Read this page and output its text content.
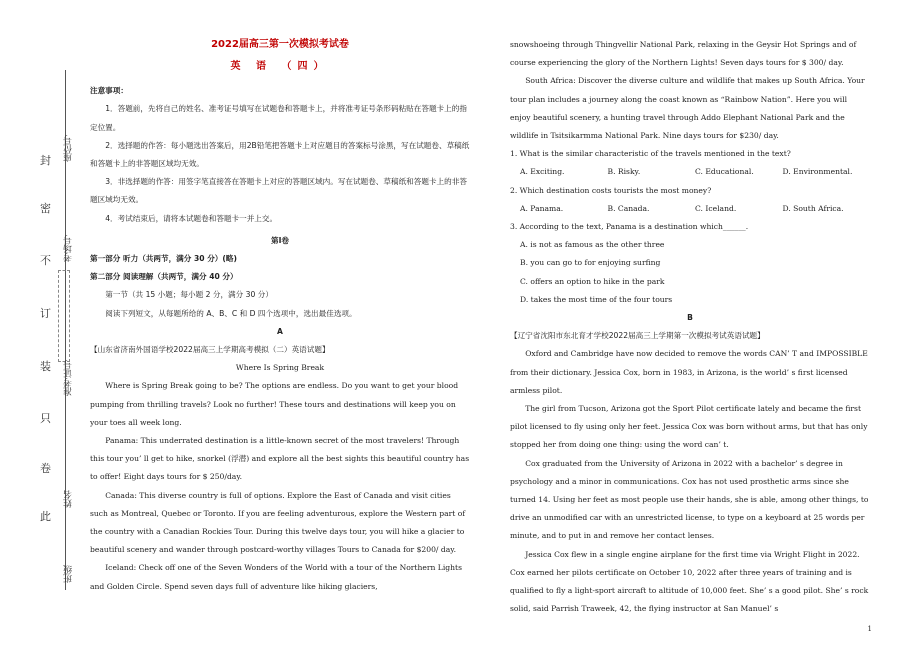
封
密
不
订
装
只
卷
此
座位号
考场号
准考证号
姓名
班级
2022届高三第一次模拟考试卷
英 语 （四）

注意事项：

1．答题前，先将自己的姓名、准考证号填写在试题卷和答题卡上，并将准考证号条形码粘贴在答题卡上的指定位置。

2．选择题的作答：每小题选出答案后，用2B铅笔把答题卡上对应题目的答案标号涂黑，写在试题卷、草稿纸和答题卡上的非答题区域均无效。

3．非选择题的作答：用签字笔直接答在答题卡上对应的答题区域内。写在试题卷、草稿纸和答题卡上的非答题区域均无效。

4．考试结束后，请将本试题卷和答题卡一并上交。

第Ⅰ卷

第一部分 听力（共两节，满分 30 分）(略)

第二部分 阅读理解（共两节，满分 40 分）

第一节（共 15 小题；每小题 2 分，满分 30 分）

阅读下列短文，从每题所给的 A、B、C 和 D 四个选项中，选出最佳选项。

A

【山东省济南外国语学校2022届高三上学期高考模拟（二）英语试题】

Where Is Spring Break

Where is Spring Break going to be? The options are endless. Do you want to get your blood pumping from thrilling travels? Look no further! These tours and destinations will keep you on your toes all week long.

Panama: This underrated destination is a little-known secret of the most travelers! Through this tour you’ ll get to hike, snorkel (浮潜) and explore all the best sights this beautiful country has to offer! Eight days tours for $ 250/day.

Canada: This diverse country is full of options. Explore the East of Canada and visit cities such as Montreal, Quebec or Toronto. If you are feeling adventurous, explore the Western part of the country with a Canadian Rockies Tour. During this twelve days tour, you will hike a glacier to beautiful scenery and wander through postcard-worthy villages Tours to Canada for $200/ day.

Iceland: Check off one of the Seven Wonders of the World with a tour of the Northern Lights and Golden Circle. Spend seven days full of adventure like hiking glaciers,

snowshoeing through Thingvellir National Park, relaxing in the Geysir Hot Springs and of course experiencing the glory of the Northern Lights! Seven days tours for $ 300/ day.

South Africa: Discover the diverse culture and wildlife that makes up South Africa. Your tour plan includes a journey along the coast known as “Rainbow Nation”. Here you will enjoy beautiful scenery, a hunting travel through Addo Elephant National Park and the wildlife in Tsitsikarmma National Park. Nine days tours for $230/ day.

1. What is the similar characteristic of the travels mentioned in the text?

A. Exciting.	B. Risky.	C. Educational.	D. Environmental.

2. Which destination costs tourists the most money?

A. Panama.	B. Canada.	C. Iceland.	D. South Africa.

3. According to the text, Panama is a destination which______.

A. is not as famous as the other three

B. you can go to for enjoying surfing

C. offers an option to hike in the park

D. takes the most time of the four tours

B

【辽宁省沈阳市东北育才学校2022届高三上学期第一次模拟考试英语试题】

Oxford and Cambridge have now decided to remove the words CAN’ T and IMPOSSIBLE from their dictionary. Jessica Cox, born in 1983, in Arizona, is the world’ s first licensed armless pilot.

The girl from Tucson, Arizona got the Sport Pilot certificate lately and became the first pilot licensed to fly using only her feet. Jessica Cox was born without arms, but that has only stopped her from doing one thing: using the word can’ t.

Cox graduated from the University of Arizona in 2022 with a bachelor’ s degree in psychology and a minor in communications. Cox has not used prosthetic arms since she turned 14. Using her feet as most people use their hands, she is able, among other things, to drive an unmodified car with an unrestricted license, to type on a keyboard at 25 words per minute, and to put in and remove her contact lenses.

Jessica Cox flew in a single engine airplane for the first time via Wright Flight in 2022. Cox earned her pilots certificate on October 10, 2022 after three years of training and is qualified to fly a light-sport aircraft to altitude of 10,000 feet. She’ s a good pilot. She’ s rock solid, said Parrish Traweek, 42, the flying instructor at San Manuel’ s

1
